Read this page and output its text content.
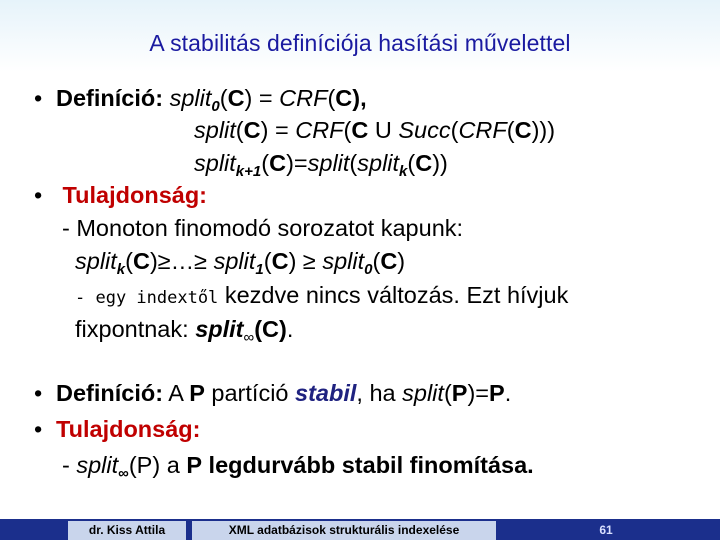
A stabilitás definíciója hasítási művelettel
• Definíció: split$_0$(C) = CRF(C),
split(C) = CRF(C U Succ(CRF(C)))
split$_{k+1}$(C)=split(split$_k$(C))
• Tulajdonság:
- Monoton finomodó sorozatot kapunk:
split$_k$(C)≥…≥ split$_1$(C) ≥ split$_0$(C)
- egy indextől kezdve nincs változás. Ezt hívjuk
fixpontnak: split$_\infty$(C).
• Definíció: A P partíció stabil, ha split(P)=P.
• Tulajdonság:
- split$_\infty$(P) a P legdurvább stabil finomítása.
dr. Kiss Attila	XML adatbázisok strukturális indexelése	61
